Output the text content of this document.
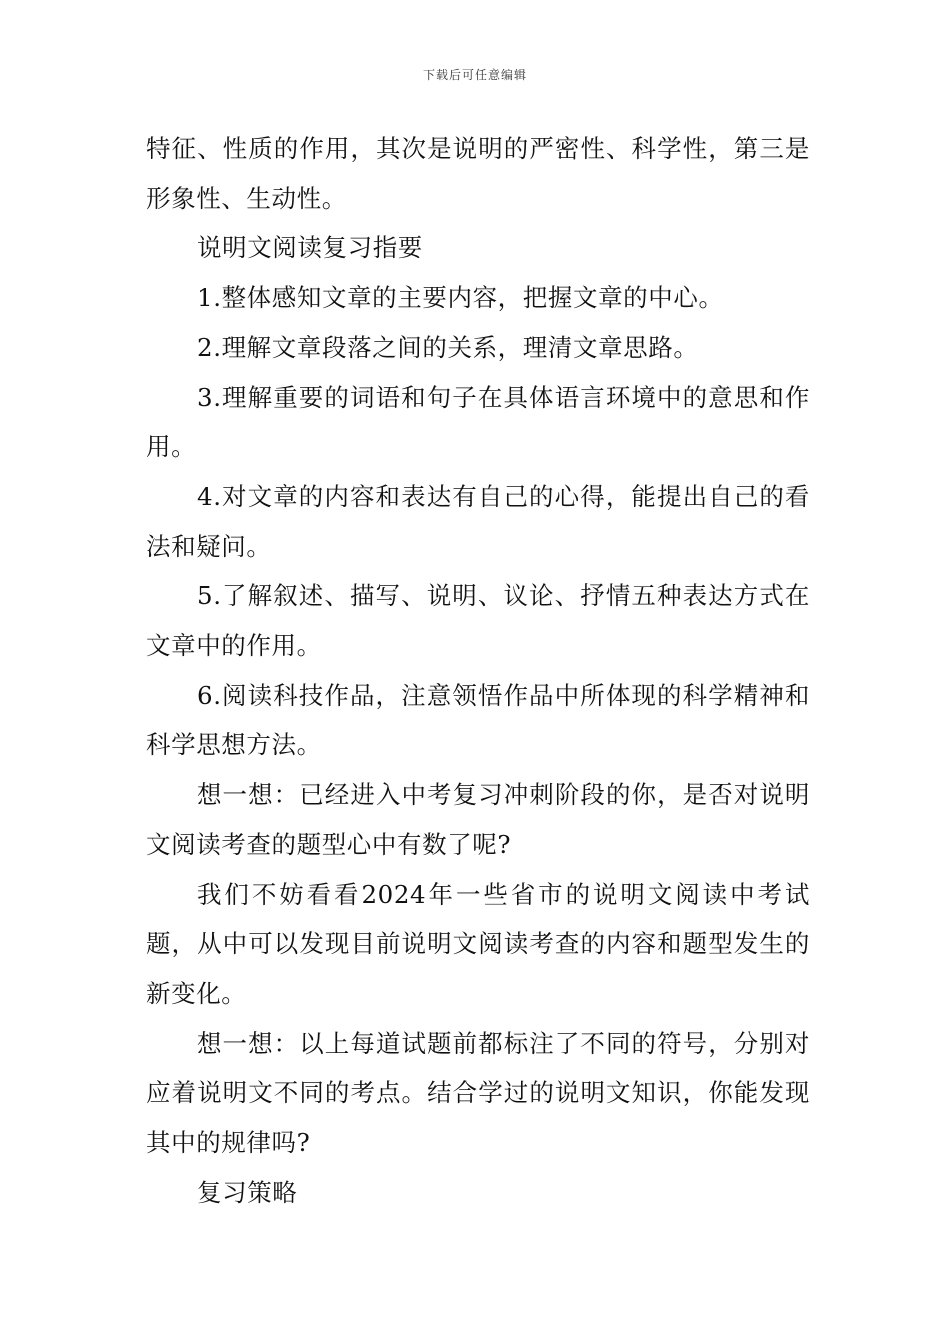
下载后可任意编辑

特征、性质的作用，其次是说明的严密性、科学性，第三是形象性、生动性。

说明文阅读复习指要

1.整体感知文章的主要内容，把握文章的中心。

2.理解文章段落之间的关系，理清文章思路。

3.理解重要的词语和句子在具体语言环境中的意思和作用。

4.对文章的内容和表达有自己的心得，能提出自己的看法和疑问。

5.了解叙述、描写、说明、议论、抒情五种表达方式在文章中的作用。

6.阅读科技作品，注意领悟作品中所体现的科学精神和科学思想方法。

想一想：已经进入中考复习冲刺阶段的你，是否对说明文阅读考查的题型心中有数了呢?

我们不妨看看2024年一些省市的说明文阅读中考试题，从中可以发现目前说明文阅读考查的内容和题型发生的新变化。

想一想：以上每道试题前都标注了不同的符号，分别对应着说明文不同的考点。结合学过的说明文知识，你能发现其中的规律吗?

复习策略
